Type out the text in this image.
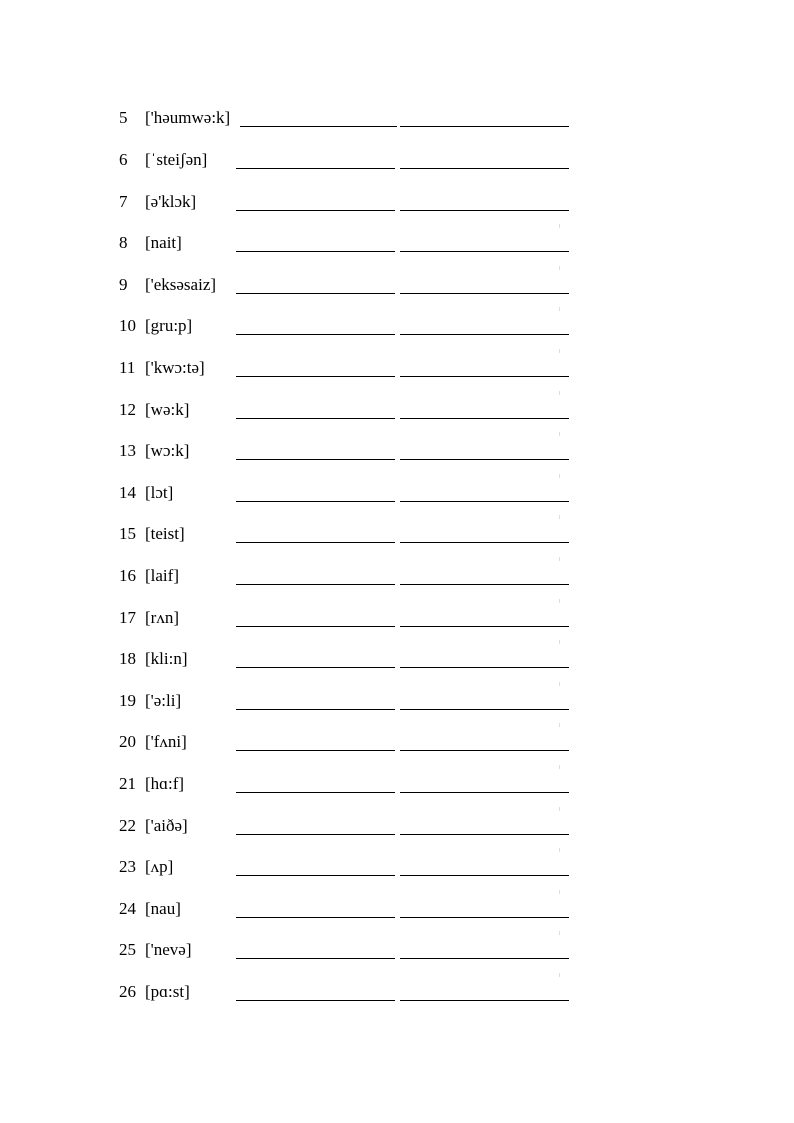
5 ['həumwə:k]
6 [ˈsteiʃən]
7 [ə'klɔk]
8 [nait]
9 ['eksəsaiz]
10 [gru:p]
11 ['kwɔ:tə]
12 [wə:k]
13 [wɔ:k]
14 [lɔt]
15 [teist]
16 [laif]
17 [rʌn]
18 [kli:n]
19 ['ə:li]
20 ['fʌni]
21 [hɑ:f]
22 ['aiðə]
23 [ʌp]
24 [nau]
25 ['nevə]
26 [pɑ:st]
